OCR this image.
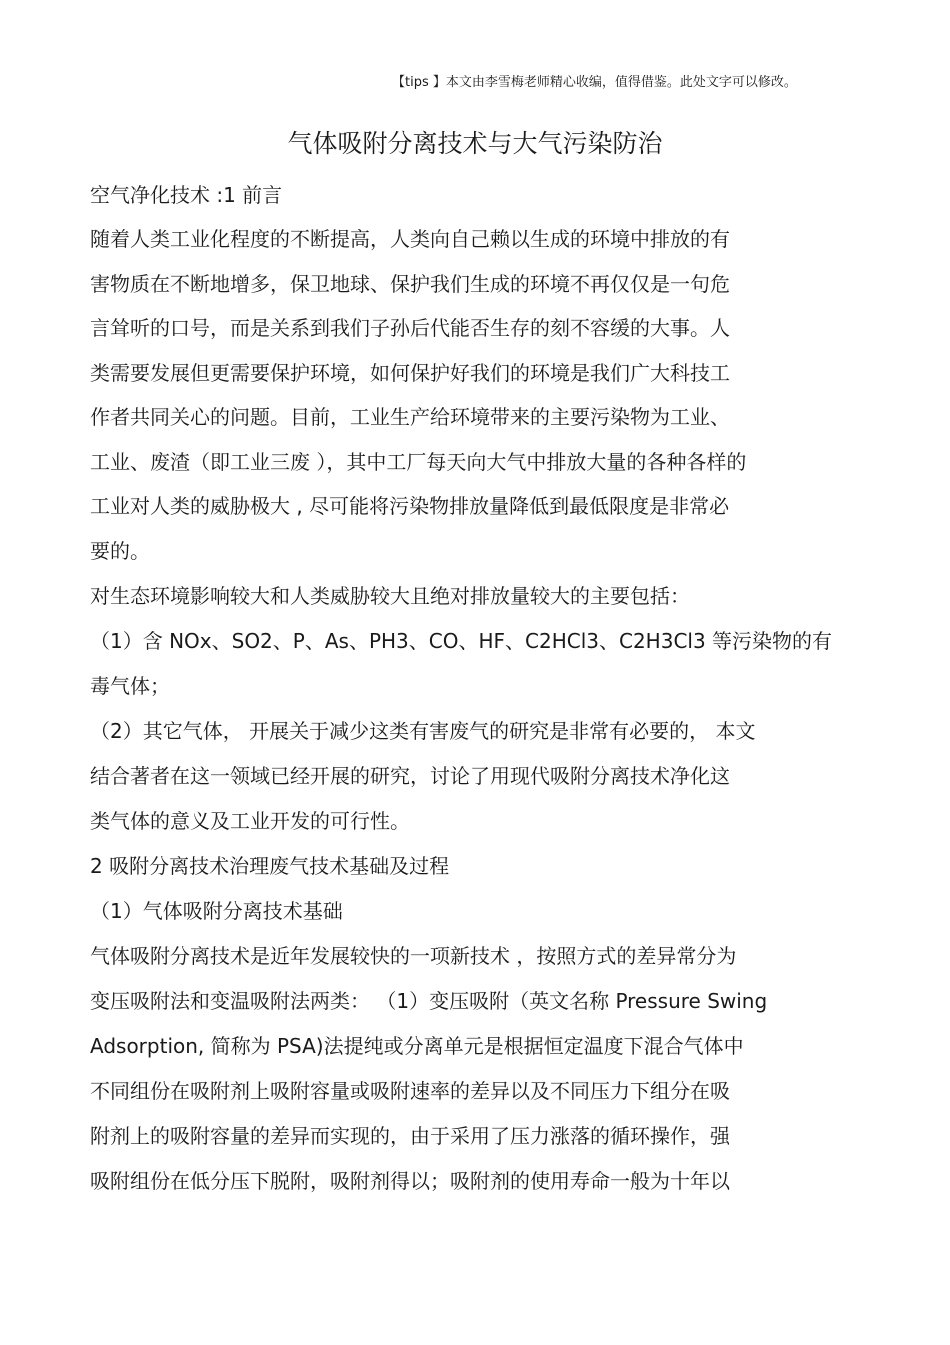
【tips 】本文由李雪梅老师精心收编，值得借鉴。此处文字可以修改。
气体吸附分离技术与大气污染防治
空气净化技术 :1 前言
随着人类工业化程度的不断提高，人类向自己赖以生成的环境中排放的有
害物质在不断地增多，保卫地球、保护我们生成的环境不再仅仅是一句危
言耸听的口号，而是关系到我们子孙后代能否生存的刻不容缓的大事。人
类需要发展但更需要保护环境，如何保护好我们的环境是我们广大科技工
作者共同关心的问题。目前，工业生产给环境带来的主要污染物为工业、
工业、废渣（即工业三废 ），其中工厂每天向大气中排放大量的各种各样的
工业对人类的威胁极大 , 尽可能将污染物排放量降低到最低限度是非常必
要的。
对生态环境影响较大和人类威胁较大且绝对排放量较大的主要包括：
（1）含 NOx、SO2、P、As、PH3、CO、HF、C2HCl3、C2H3Cl3 等污染物的有
毒气体；
（2）其它气体， 开展关于减少这类有害废气的研究是非常有必要的， 本文
结合著者在这一领域已经开展的研究，讨论了用现代吸附分离技术净化这
类气体的意义及工业开发的可行性。
2 吸附分离技术治理废气技术基础及过程
（1）气体吸附分离技术基础
气体吸附分离技术是近年发展较快的一项新技术 ，按照方式的差异常分为
变压吸附法和变温吸附法两类： （1）变压吸附（英文名称 Pressure Swing
Adsorption, 简称为 PSA)法提纯或分离单元是根据恒定温度下混合气体中
不同组份在吸附剂上吸附容量或吸附速率的差异以及不同压力下组分在吸
附剂上的吸附容量的差异而实现的，由于采用了压力涨落的循环操作，强
吸附组份在低分压下脱附，吸附剂得以；吸附剂的使用寿命一般为十年以
